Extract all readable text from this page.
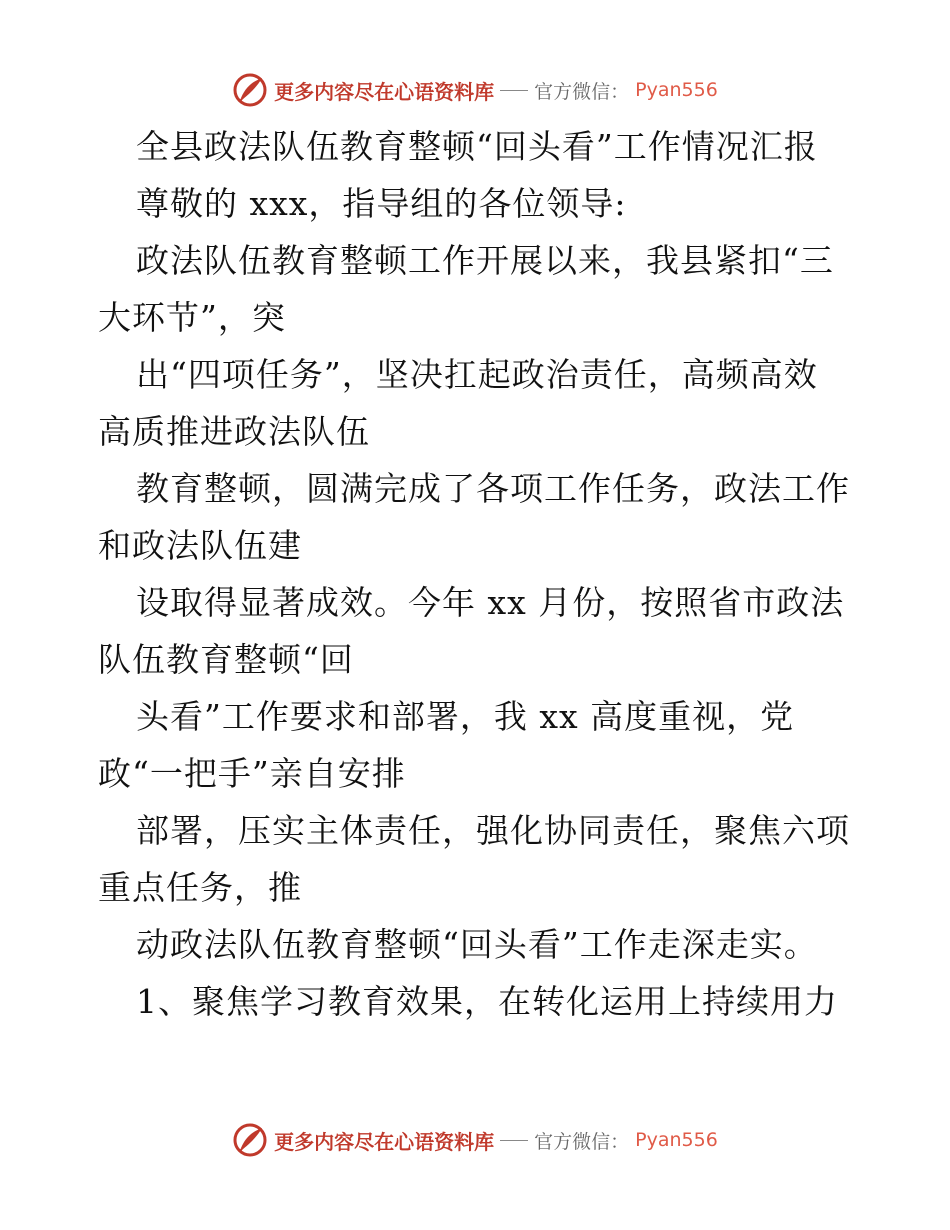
更多内容尽在心语资料库 官方微信： Pyan556
全县政法队伍教育整顿“回头看”工作情况汇报
尊敬的 xxx，指导组的各位领导:
政法队伍教育整顿工作开展以来，我县紧扣“三
大环节”，突
出“四项任务”，坚决扛起政治责任，高频高效
高质推进政法队伍
教育整顿，圆满完成了各项工作任务，政法工作
和政法队伍建
设取得显著成效。今年 xx 月份，按照省市政法
队伍教育整顿“回
头看”工作要求和部署，我 xx 高度重视，党
政“一把手”亲自安排
部署，压实主体责任，强化协同责任，聚焦六项
重点任务，推
动政法队伍教育整顿“回头看”工作走深走实。
1、聚焦学习教育效果，在转化运用上持续用力
更多内容尽在心语资料库 官方微信： Pyan556
